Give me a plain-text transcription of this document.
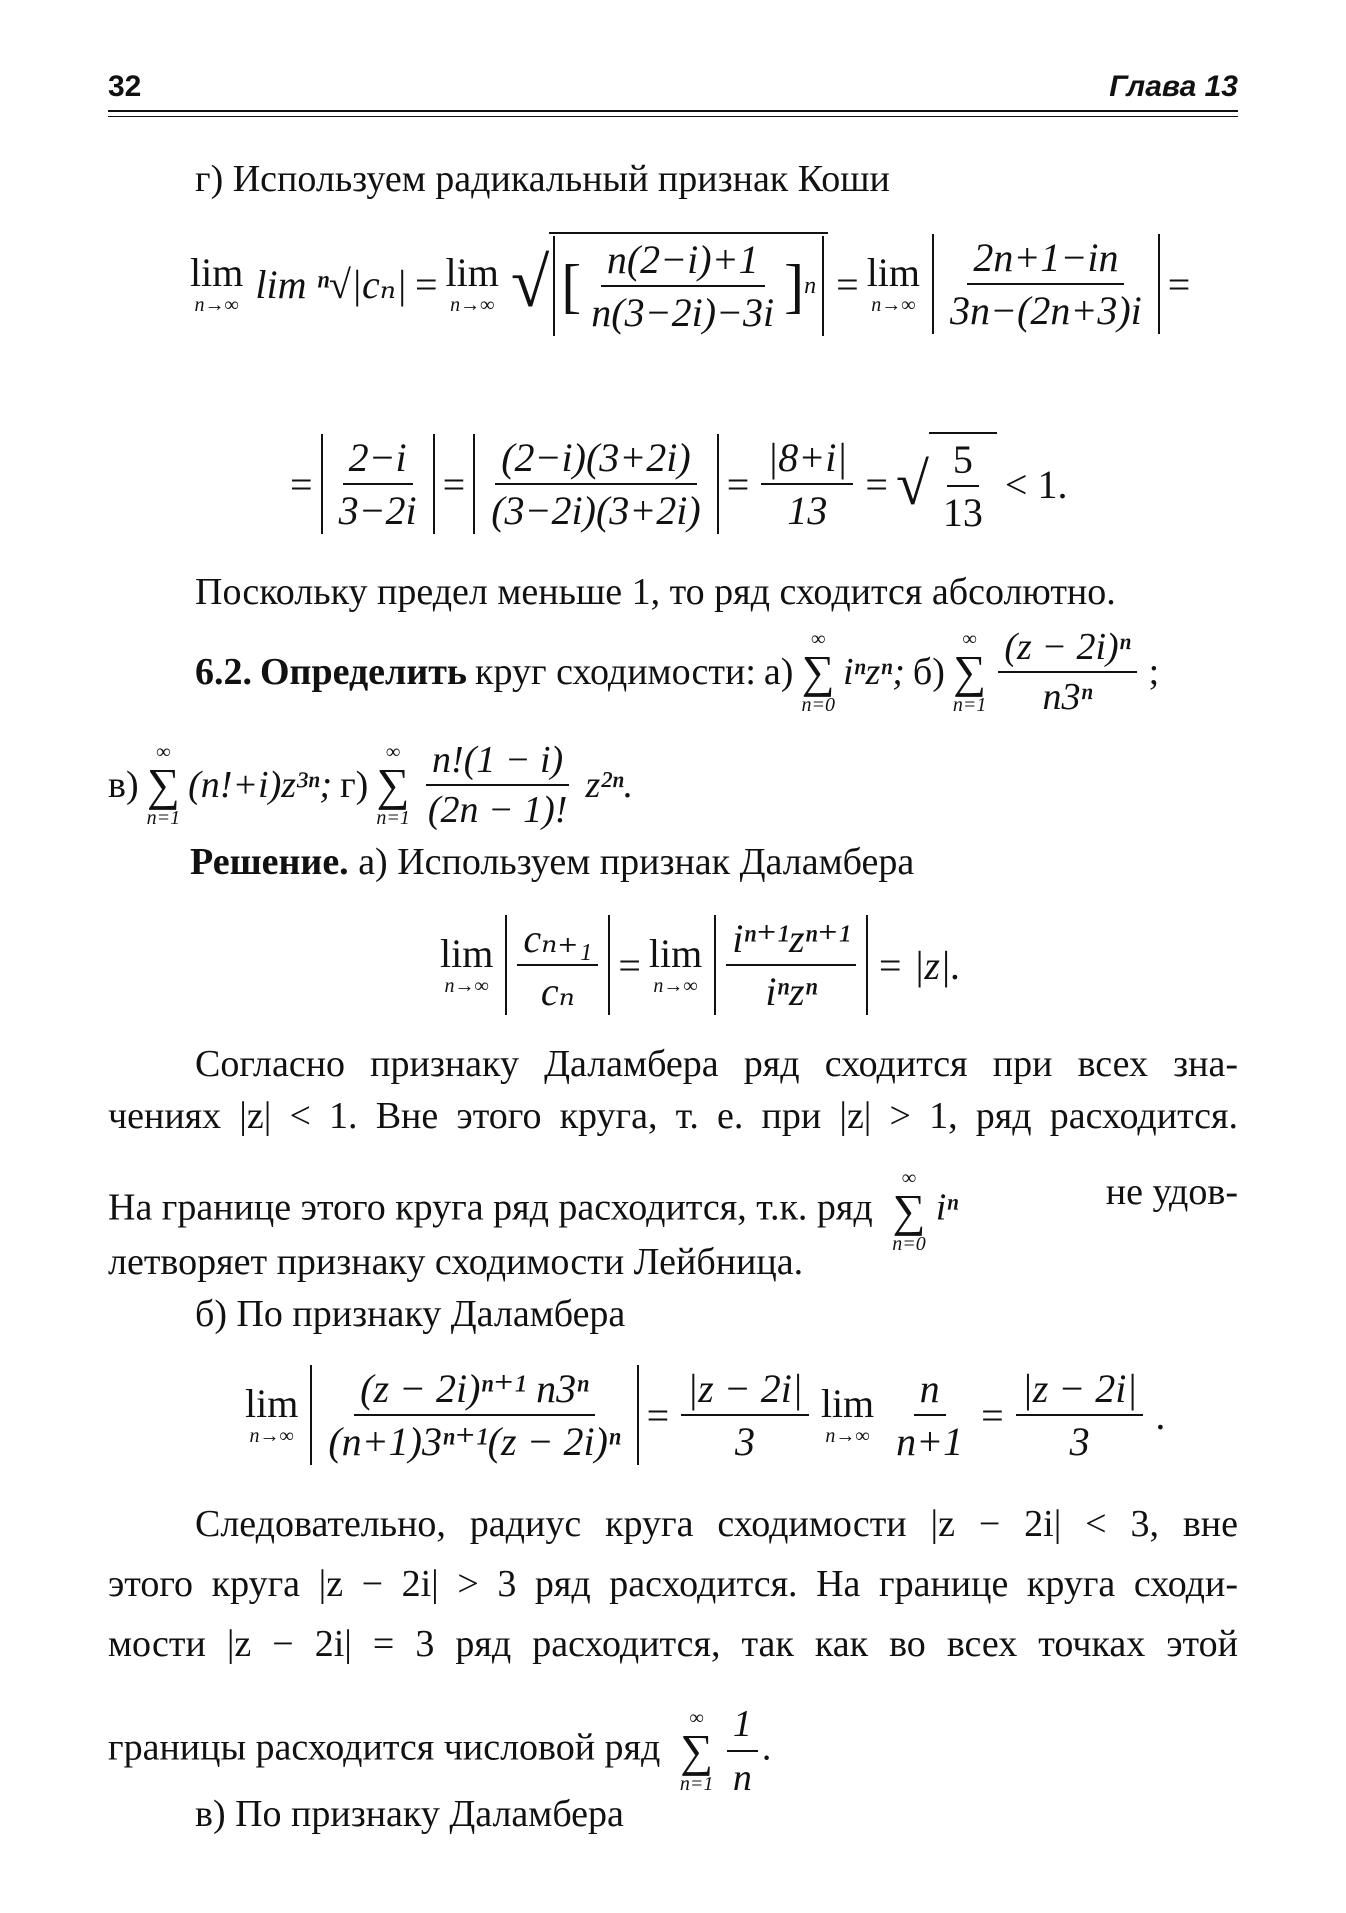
32	Глава 13
г) Используем радикальный признак Коши
lim
n→∞ lim ⁿ√|cₙ| = lim
n→∞ √ [ $\frac{n(2-i)+1}{n(3-2i)-3i}$ ] n = lim
$n\to\infty \frac{2n+1-in}{3n-(2n+3)i}$ =
= $\frac{2-i}{3-2i} = \frac{(2-i)(3+2i)}{(3-2i)(3+2i)} = \frac{|8+i|}{13}$ = √ $\frac{5}{13} < 1$.
Поскольку предел меньше 1, то ряд сходится абсолютно.
6.2. Определить круг сходимости: а)
∞
∑
n=0
iⁿzⁿ; б)
∞
∑
$n=1 \frac{\text{(z − 2i)ⁿ}}{\text{n3ⁿ}}$ ;
в)
∞
∑
n=1
(n!+i)z³ⁿ; г)
∞
∑
$n=1 \frac{n!(1 - i)}{(2n - 1)!} z^{2n}$.
Решение. а) Используем признак Даламбера
lim
$n\to\infty \frac{\text{cₙ₊₁}}{\text{cₙ}} = \lim$
$n\to\infty \frac{\text{iⁿ⁺¹zⁿ⁺¹}}{\text{iⁿzⁿ}} = |z|$.
Согласно признаку Даламбера ряд сходится при всех зна-
чениях |z| < 1. Вне этого круга, т. е. при |z| > 1, ряд расходится.
На границе этого круга ряд расходится, т.к. ряд
∞
∑
n=0
iⁿ	не удов-
летворяет признаку сходимости Лейбница.
б) По признаку Даламбера
lim
$n\to\infty \frac{\text{(z − 2i)ⁿ⁺¹ n3ⁿ}}{\text{(n+1)3ⁿ⁺¹(z − 2i)ⁿ}} = \frac{|z - 2i|}{3}$ lim
$n\to\infty \frac{n}{n+1} = \frac{|z - 2i|}{3}$ .
Следовательно, радиус круга сходимости |z − 2i| < 3, вне
этого круга |z − 2i| > 3 ряд расходится. На границе круга сходи-
мости |z − 2i| = 3 ряд расходится, так как во всех точках этой
границы расходится числовой ряд
∞
∑
n=1
$\frac{1}{n}$ .
в) По признаку Даламбера
